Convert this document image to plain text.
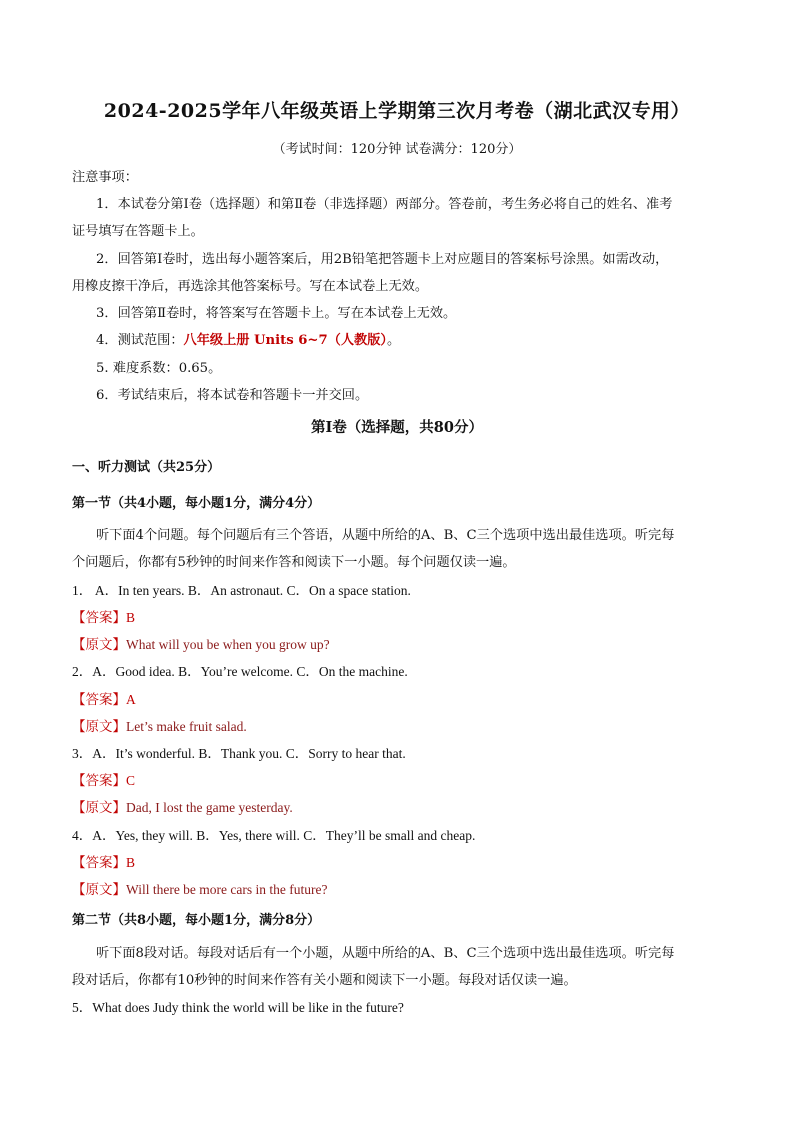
2024-2025学年八年级英语上学期第三次月考卷（湖北武汉专用）
（考试时间：120分钟 试卷满分：120分）
注意事项：
1．本试卷分第Ⅰ卷（选择题）和第Ⅱ卷（非选择题）两部分。答卷前，考生务必将自己的姓名、准考
证号填写在答题卡上。
2．回答第Ⅰ卷时，选出每小题答案后，用2B铅笔把答题卡上对应题目的答案标号涂黑。如需改动，
用橡皮擦干净后，再选涂其他答案标号。写在本试卷上无效。
3．回答第Ⅱ卷时，将答案写在答题卡上。写在本试卷上无效。
4．测试范围：八年级上册 Units 6~7（人教版）。
5. 难度系数：0.65。
6．考试结束后，将本试卷和答题卡一并交回。
第Ⅰ卷（选择题，共80分）
一、听力测试（共25分）
第一节（共4小题，每小题1分，满分4分）
听下面4个问题。每个问题后有三个答语，从题中所给的A、B、C三个选项中选出最佳选项。听完每
个问题后，你都有5秒钟的时间来作答和阅读下一小题。每个问题仅读一遍。
1． A．In ten years. B．An astronaut. C．On a space station.
【答案】B
【原文】What will you be when you grow up?
2．A．Good idea. B．You’re welcome. C．On the machine.
【答案】A
【原文】Let’s make fruit salad.
3．A．It’s wonderful. B．Thank you. C．Sorry to hear that.
【答案】C
【原文】Dad, I lost the game yesterday.
4．A．Yes, they will. B．Yes, there will. C．They’ll be small and cheap.
【答案】B
【原文】Will there be more cars in the future?
第二节（共8小题，每小题1分，满分8分）
听下面8段对话。每段对话后有一个小题，从题中所给的A、B、C三个选项中选出最佳选项。听完每
段对话后，你都有10秒钟的时间来作答有关小题和阅读下一小题。每段对话仅读一遍。
5．What does Judy think the world will be like in the future?
